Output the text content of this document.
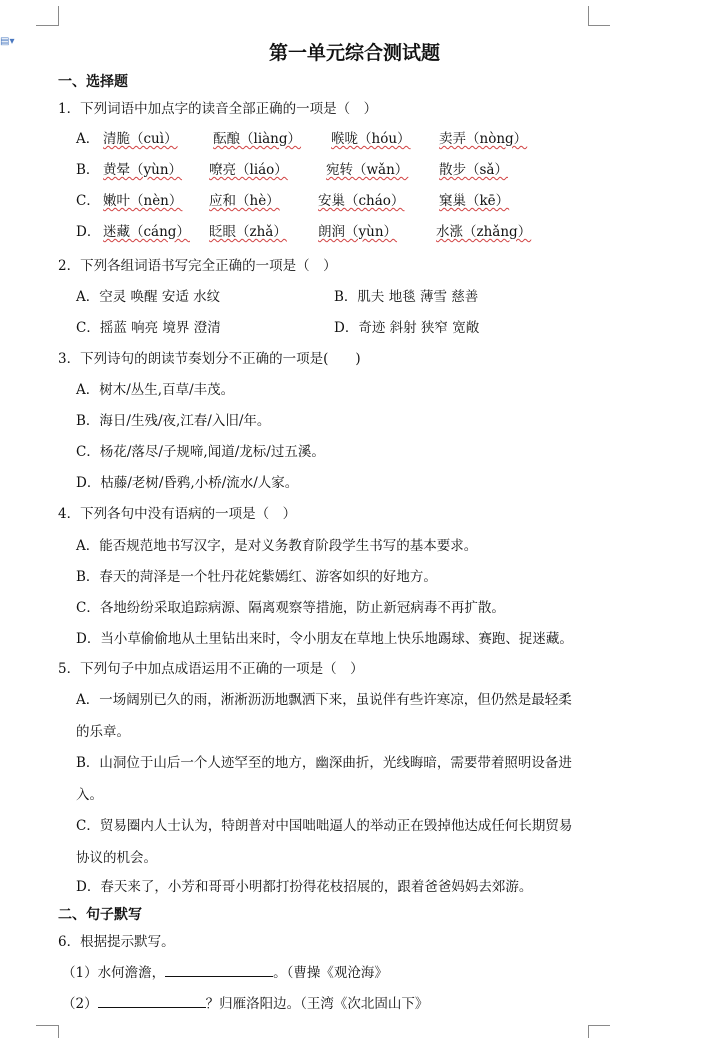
▤▾
第一单元综合测试题
一、选择题
1．下列词语中加点字的读音全部正确的一项是（　）
A． 清脆（cuì）	酝酿（liàng） 喉咙（hóu） 卖弄（nòng）
B． 黄晕（yùn） 嘹亮（liáo）	宛转（wǎn） 散步（sǎ）
C． 嫩叶（nèn） 应和（hè）	安巢（cháo）	窠巢（kē）
D． 迷藏（cáng） 眨眼（zhǎ） 朗润（yùn）	水涨（zhǎng）
2．下列各组词语书写完全正确的一项是（　）
A．空灵 唤醒 安适 水纹	B．肌夫 地毯 薄雪 慈善
C．摇蓝 响亮 境界 澄清	D．奇迹 斜射 狭窄 宽敞
3．下列诗句的朗读节奏划分不正确的一项是(　　)
A．树木/丛生,百草/丰茂。
B．海日/生残/夜,江春/入旧/年。
C．杨花/落尽/子规啼,闻道/龙标/过五溪。
D．枯藤/老树/昏鸦,小桥/流水/人家。
4．下列各句中没有语病的一项是（　）
A．能否规范地书写汉字，是对义务教育阶段学生书写的基本要求。
B．春天的菏泽是一个牡丹花姹紫嫣红、游客如织的好地方。
C．各地纷纷采取追踪病源、隔离观察等措施，防止新冠病毒不再扩散。
D．当小草偷偷地从土里钻出来时，令小朋友在草地上快乐地踢球、赛跑、捉迷藏。
5．下列句子中加点成语运用不正确的一项是（　）
A．一场阔别已久的雨，淅淅沥沥地飘洒下来，虽说伴有些许寒凉，但仍然是最轻柔
的乐章。
B．山洞位于山后一个人迹罕至的地方，幽深曲折，光线晦暗，需要带着照明设备进
入。
C．贸易圈内人士认为，特朗普对中国咄咄逼人的举动正在毁掉他达成任何长期贸易
协议的机会。
D．春天来了，小芳和哥哥小明都打扮得花枝招展的，跟着爸爸妈妈去郊游。
二、句子默写
6．根据提示默写。
（1）水何澹澹，	。（曹操《观沧海》
（2）	？归雁洛阳边。（王湾《次北固山下》
